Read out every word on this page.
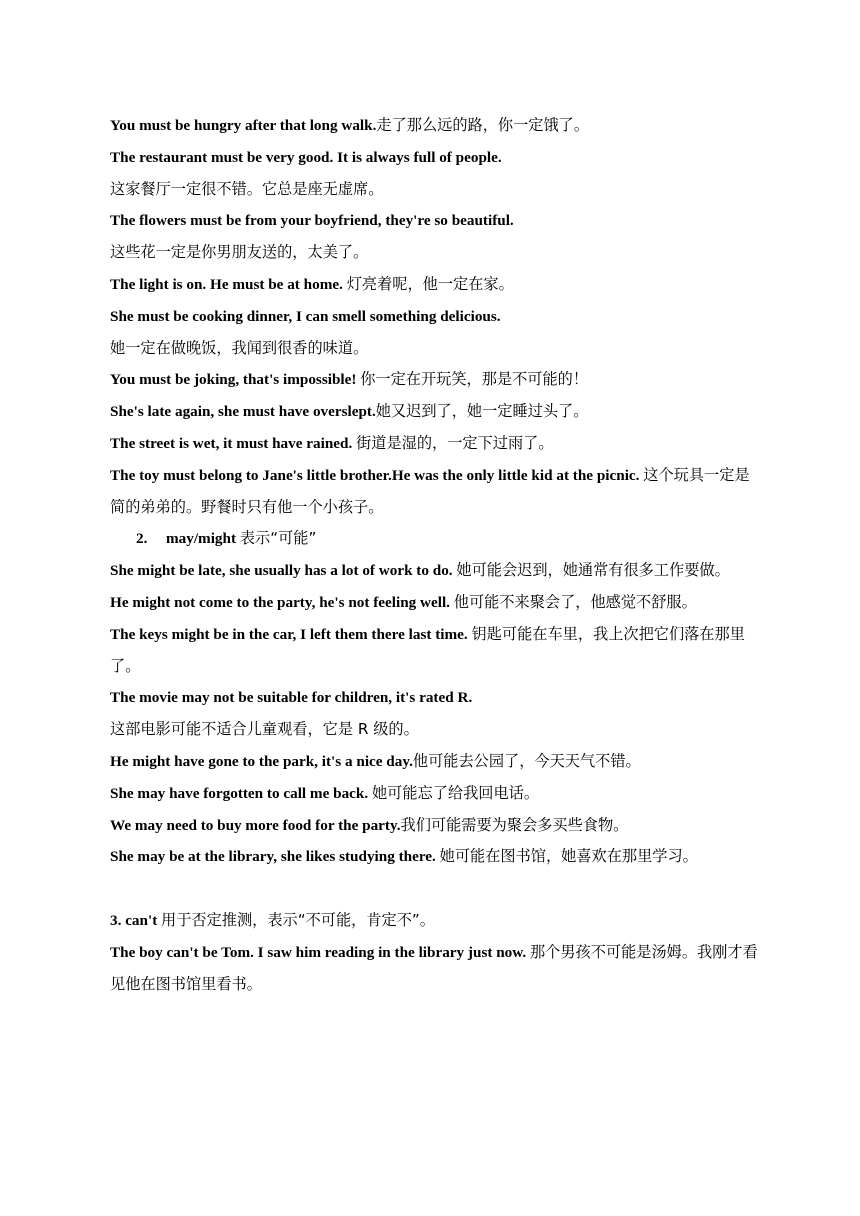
You must be hungry after that long walk.走了那么远的路，你一定饿了。

The restaurant must be very good. It is always full of people.

这家餐厅一定很不错。它总是座无虚席。

The flowers must be from your boyfriend, they're so beautiful.

这些花一定是你男朋友送的，太美了。

The light is on. He must be at home. 灯亮着呢，他一定在家。

She must be cooking dinner, I can smell something delicious.

她一定在做晚饭，我闻到很香的味道。

You must be joking, that's impossible! 你一定在开玩笑，那是不可能的！

She's late again, she must have overslept.她又迟到了，她一定睡过头了。

The street is wet, it must have rained. 街道是湿的，一定下过雨了。

The toy must belong to Jane's little brother.He was the only little kid at the picnic. 这个玩具一定是简的弟弟的。野餐时只有他一个小孩子。

2. may/might 表示“可能”

She might be late, she usually has a lot of work to do. 她可能会迟到，她通常有很多工作要做。

He might not come to the party, he's not feeling well. 他可能不来聚会了，他感觉不舒服。

The keys might be in the car, I left them there last time. 钥匙可能在车里，我上次把它们落在那里了。

The movie may not be suitable for children, it's rated R.

这部电影可能不适合儿童观看，它是 R 级的。

He might have gone to the park, it's a nice day.他可能去公园了，今天天气不错。

She may have forgotten to call me back. 她可能忘了给我回电话。

We may need to buy more food for the party.我们可能需要为聚会多买些食物。

She may be at the library, she likes studying there. 她可能在图书馆，她喜欢在那里学习。

3. can't 用于否定推测，表示“不可能，肯定不”。

The boy can't be Tom. I saw him reading in the library just now. 那个男孩不可能是汤姆。我刚才看见他在图书馆里看书。
